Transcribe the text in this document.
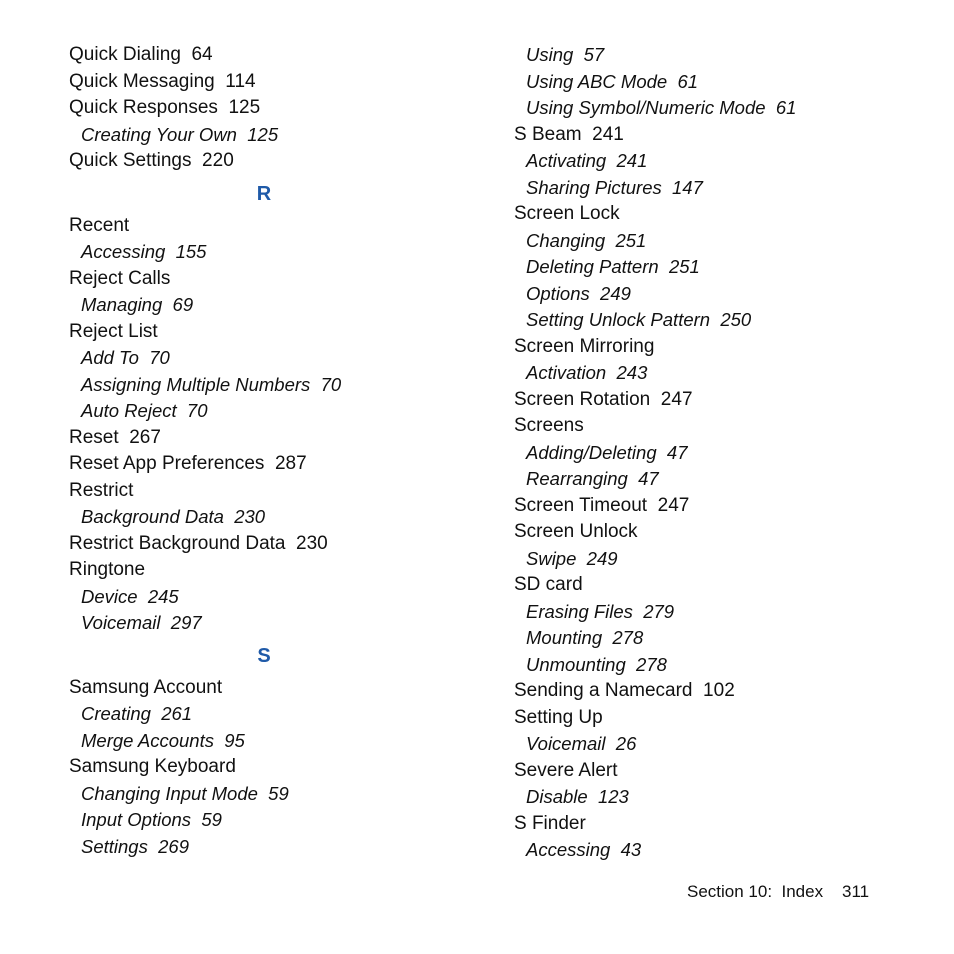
Quick Dialing  64
Quick Messaging  114
Quick Responses  125
Creating Your Own  125
Quick Settings  220
R
Recent
Accessing  155
Reject Calls
Managing  69
Reject List
Add To  70
Assigning Multiple Numbers  70
Auto Reject  70
Reset  267
Reset App Preferences  287
Restrict
Background Data  230
Restrict Background Data  230
Ringtone
Device  245
Voicemail  297
S
Samsung Account
Creating  261
Merge Accounts  95
Samsung Keyboard
Changing Input Mode  59
Input Options  59
Settings  269
Using  57
Using ABC Mode  61
Using Symbol/Numeric Mode  61
S Beam  241
Activating  241
Sharing Pictures  147
Screen Lock
Changing  251
Deleting Pattern  251
Options  249
Setting Unlock Pattern  250
Screen Mirroring
Activation  243
Screen Rotation  247
Screens
Adding/Deleting  47
Rearranging  47
Screen Timeout  247
Screen Unlock
Swipe  249
SD card
Erasing Files  279
Mounting  278
Unmounting  278
Sending a Namecard  102
Setting Up
Voicemail  26
Severe Alert
Disable  123
S Finder
Accessing  43
Section 10:  Index    311
